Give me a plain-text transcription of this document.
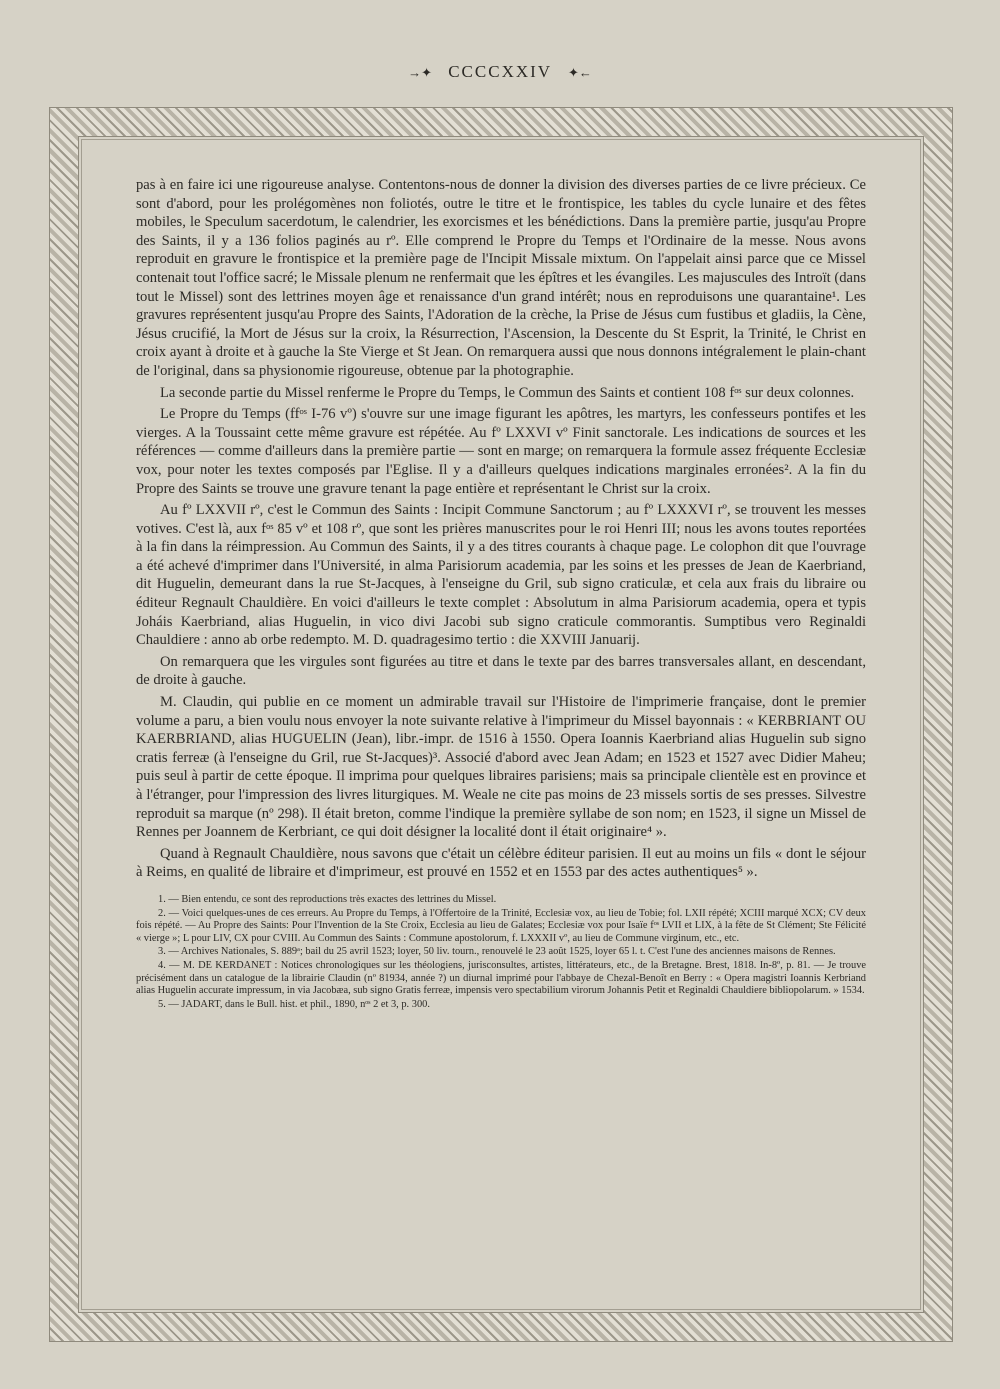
→✦ CCCCXXIV ✦←

pas à en faire ici une rigoureuse analyse. Contentons-nous de donner la division des diverses parties de ce livre précieux. Ce sont d'abord, pour les prolégomènes non foliotés, outre le titre et le frontispice, les tables du cycle lunaire et des fêtes mobiles, le Speculum sacerdotum, le calendrier, les exorcismes et les bénédictions. Dans la première partie, jusqu'au Propre des Saints, il y a 136 folios paginés au rº. Elle comprend le Propre du Temps et l'Ordinaire de la messe. Nous avons reproduit en gravure le frontispice et la première page de l'Incipit Missale mixtum. On l'appelait ainsi parce que ce Missel contenait tout l'office sacré; le Missale plenum ne renfermait que les épîtres et les évangiles. Les majuscules des Introït (dans tout le Missel) sont des lettrines moyen âge et renaissance d'un grand intérêt; nous en reproduisons une quarantaine¹. Les gravures représentent jusqu'au Propre des Saints, l'Adoration de la crèche, la Prise de Jésus cum fustibus et gladiis, la Cène, Jésus crucifié, la Mort de Jésus sur la croix, la Résurrection, l'Ascension, la Descente du St Esprit, la Trinité, le Christ en croix ayant à droite et à gauche la Ste Vierge et St Jean. On remarquera aussi que nous donnons intégralement le plain-chant de l'original, dans sa physionomie rigoureuse, obtenue par la photographie.

La seconde partie du Missel renferme le Propre du Temps, le Commun des Saints et contient 108 fᵒˢ sur deux colonnes.

Le Propre du Temps (ffᵒˢ I-76 vº) s'ouvre sur une image figurant les apôtres, les martyrs, les confesseurs pontifes et les vierges. A la Toussaint cette même gravure est répétée. Au fº LXXVI vº Finit sanctorale. Les indications de sources et les références — comme d'ailleurs dans la première partie — sont en marge; on remarquera la formule assez fréquente Ecclesiæ vox, pour noter les textes composés par l'Eglise. Il y a d'ailleurs quelques indications marginales erronées². A la fin du Propre des Saints se trouve une gravure tenant la page entière et représentant le Christ sur la croix.

Au fº LXXVII rº, c'est le Commun des Saints : Incipit Commune Sanctorum ; au fº LXXXVI rº, se trouvent les messes votives. C'est là, aux fᵒˢ 85 vº et 108 rº, que sont les prières manuscrites pour le roi Henri III; nous les avons toutes reportées à la fin dans la réimpression. Au Commun des Saints, il y a des titres courants à chaque page. Le colophon dit que l'ouvrage a été achevé d'imprimer dans l'Université, in alma Parisiorum academia, par les soins et les presses de Jean de Kaerbriand, dit Huguelin, demeurant dans la rue St-Jacques, à l'enseigne du Gril, sub signo craticulæ, et cela aux frais du libraire ou éditeur Regnault Chauldière. En voici d'ailleurs le texte complet : Absolutum in alma Parisiorum academia, opera et typis Joháis Kaerbriand, alias Huguelin, in vico divi Jacobi sub signo craticule commorantis. Sumptibus vero Reginaldi Chauldiere : anno ab orbe redempto. M. D. quadragesimo tertio : die XXVIII Januarij.

On remarquera que les virgules sont figurées au titre et dans le texte par des barres transversales allant, en descendant, de droite à gauche.

M. Claudin, qui publie en ce moment un admirable travail sur l'Histoire de l'imprimerie française, dont le premier volume a paru, a bien voulu nous envoyer la note suivante relative à l'imprimeur du Missel bayonnais : « KERBRIANT OU KAERBRIAND, alias HUGUELIN (Jean), libr.-impr. de 1516 à 1550. Opera Ioannis Kaerbriand alias Huguelin sub signo cratis ferreæ (à l'enseigne du Gril, rue St-Jacques)³. Associé d'abord avec Jean Adam; en 1523 et 1527 avec Didier Maheu; puis seul à partir de cette époque. Il imprima pour quelques libraires parisiens; mais sa principale clientèle est en province et à l'étranger, pour l'impression des livres liturgiques. M. Weale ne cite pas moins de 23 missels sortis de ses presses. Silvestre reproduit sa marque (nº 298). Il était breton, comme l'indique la première syllabe de son nom; en 1523, il signe un Missel de Rennes per Joannem de Kerbriant, ce qui doit désigner la localité dont il était originaire⁴ ».

Quand à Regnault Chauldière, nous savons que c'était un célèbre éditeur parisien. Il eut au moins un fils « dont le séjour à Reims, en qualité de libraire et d'imprimeur, est prouvé en 1552 et en 1553 par des actes authentiques⁵ ».

1. — Bien entendu, ce sont des reproductions très exactes des lettrines du Missel.

2. — Voici quelques-unes de ces erreurs. Au Propre du Temps, à l'Offertoire de la Trinité, Ecclesiæ vox, au lieu de Tobie; fol. LXII répété; XCIII marqué XCX; CV deux fois répété. — Au Propre des Saints: Pour l'Invention de la Ste Croix, Ecclesia au lieu de Galates; Ecclesiæ vox pour Isaïe fᵒˢ LVII et LIX, à la fête de St Clément; Ste Félicité « vierge »; L pour LIV, CX pour CVIII. Au Commun des Saints : Commune apostolorum, f. LXXXII vº, au lieu de Commune virginum, etc., etc.

3. — Archives Nationales, S. 889ᵃ; bail du 25 avril 1523; loyer, 50 liv. tourn., renouvelé le 23 août 1525, loyer 65 l. t. C'est l'une des anciennes maisons de Rennes.

4. — M. DE KERDANET : Notices chronologiques sur les théologiens, jurisconsultes, artistes, littérateurs, etc., de la Bretagne. Brest, 1818. In-8º, p. 81. — Je trouve précisément dans un catalogue de la librairie Claudin (nº 81934, année ?) un diurnal imprimé pour l'abbaye de Chezal-Benoît en Berry : « Opera magistri Ioannis Kerbriand alias Huguelin accurate impressum, in via Jacobæa, sub signo Gratis ferreæ, impensis vero spectabilium virorum Johannis Petit et Reginaldi Chauldiere bibliopolarum. » 1534.

5. — JADART, dans le Bull. hist. et phil., 1890, nᵒˢ 2 et 3, p. 300.
